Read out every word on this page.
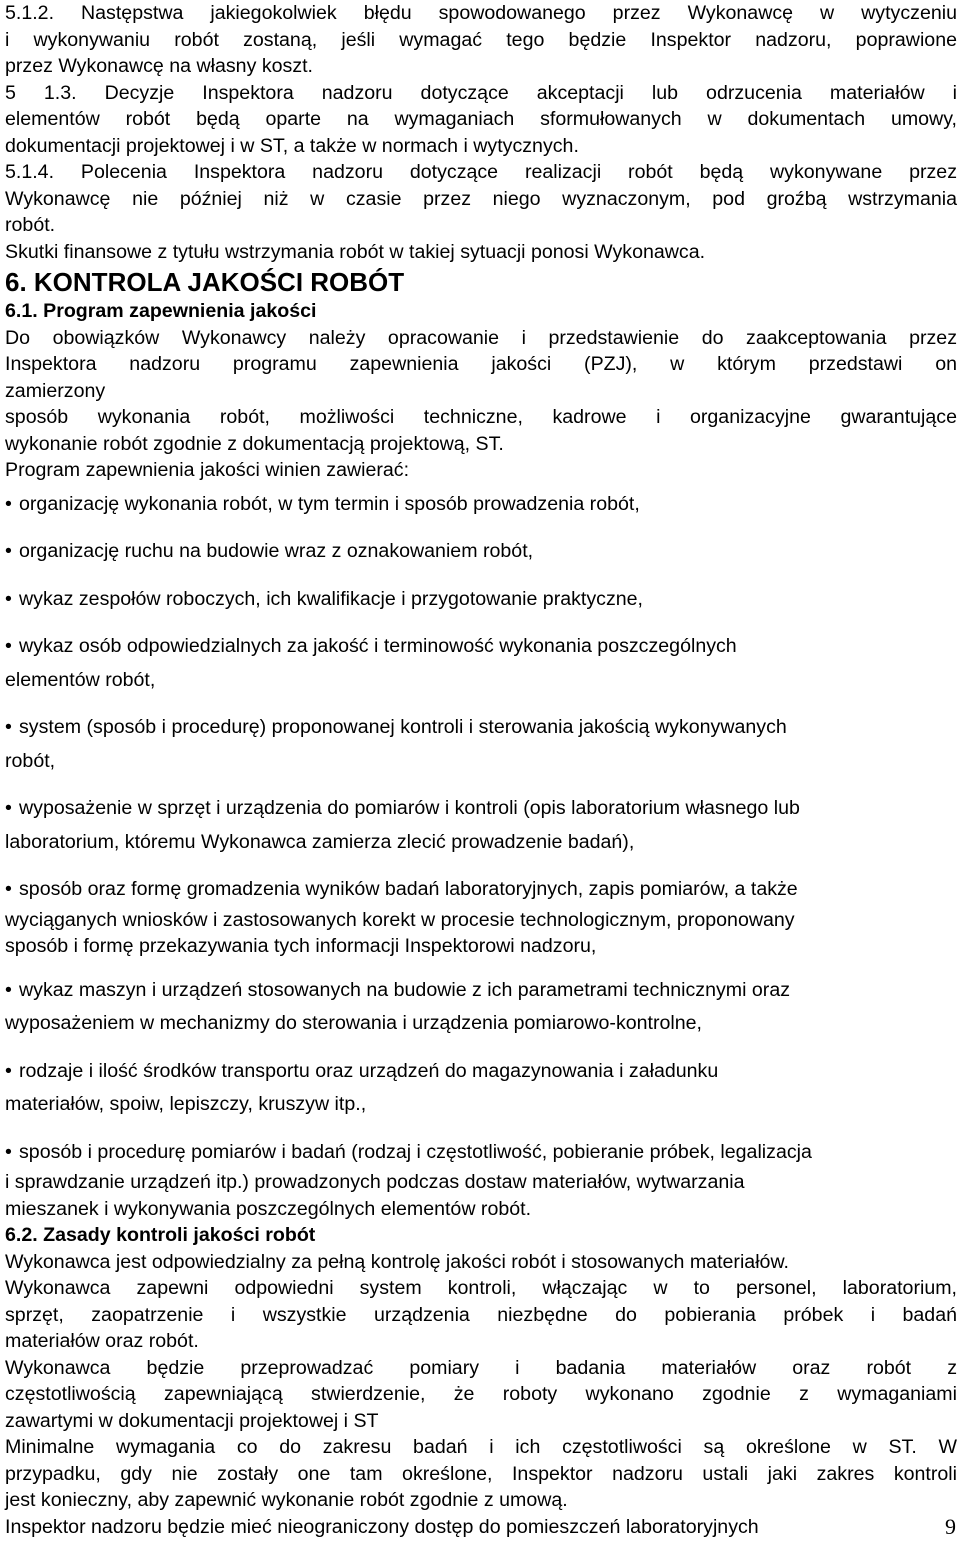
5.1.2. Następstwa jakiegokolwiek błędu spowodowanego przez Wykonawcę w wytyczeniu
i wykonywaniu robót zostaną, jeśli wymagać tego będzie Inspektor nadzoru, poprawione
przez Wykonawcę na własny koszt.
5 1.3. Decyzje Inspektora nadzoru dotyczące akceptacji lub odrzucenia materiałów i
elementów robót będą oparte na wymaganiach sformułowanych w dokumentach umowy,
dokumentacji projektowej i w ST, a także w normach i wytycznych.
5.1.4. Polecenia Inspektora nadzoru dotyczące realizacji robót będą wykonywane przez
Wykonawcę nie później niż w czasie przez niego wyznaczonym, pod groźbą wstrzymania
robót.
Skutki finansowe z tytułu wstrzymania robót w takiej sytuacji ponosi Wykonawca.
6. KONTROLA JAKOŚCI ROBÓT
6.1. Program zapewnienia jakości
Do obowiązków Wykonawcy należy opracowanie i przedstawienie do zaakceptowania przez
Inspektora nadzoru programu zapewnienia jakości (PZJ), w którym przedstawi on
zamierzony
sposób wykonania robót, możliwości techniczne, kadrowe i organizacyjne gwarantujące
wykonanie robót zgodnie z dokumentacją projektową, ST.
Program zapewnienia jakości winien zawierać:
• organizację wykonania robót, w tym termin i sposób prowadzenia robót,
• organizację ruchu na budowie wraz z oznakowaniem robót,
• wykaz zespołów roboczych, ich kwalifikacje i przygotowanie praktyczne,
• wykaz osób odpowiedzialnych za jakość i terminowość wykonania poszczególnych
elementów robót,
• system (sposób i procedurę) proponowanej kontroli i sterowania jakością wykonywanych
robót,
• wyposażenie w sprzęt i urządzenia do pomiarów i kontroli (opis laboratorium własnego lub
laboratorium, któremu Wykonawca zamierza zlecić prowadzenie badań),
• sposób oraz formę gromadzenia wyników badań laboratoryjnych, zapis pomiarów, a także
wyciąganych wniosków i zastosowanych korekt w procesie technologicznym, proponowany
sposób i formę przekazywania tych informacji Inspektorowi nadzoru,
• wykaz maszyn i urządzeń stosowanych na budowie z ich parametrami technicznymi oraz
wyposażeniem w mechanizmy do sterowania i urządzenia pomiarowo-kontrolne,
• rodzaje i ilość środków transportu oraz urządzeń do magazynowania i załadunku
materiałów, spoiw, lepiszczy, kruszyw itp.,
• sposób i procedurę pomiarów i badań (rodzaj i częstotliwość, pobieranie próbek, legalizacja
i sprawdzanie urządzeń itp.) prowadzonych podczas dostaw materiałów, wytwarzania
mieszanek i wykonywania poszczególnych elementów robót.
6.2. Zasady kontroli jakości robót
Wykonawca jest odpowiedzialny za pełną kontrolę jakości robót i stosowanych materiałów.
Wykonawca zapewni odpowiedni system kontroli, włączając w to personel, laboratorium,
sprzęt, zaopatrzenie i wszystkie urządzenia niezbędne do pobierania próbek i badań
materiałów oraz robót.
Wykonawca będzie przeprowadzać pomiary i badania materiałów oraz robót z
częstotliwością zapewniającą stwierdzenie, że roboty wykonano zgodnie z wymaganiami
zawartymi w dokumentacji projektowej i ST
Minimalne wymagania co do zakresu badań i ich częstotliwości są określone w ST. W
przypadku, gdy nie zostały one tam określone, Inspektor nadzoru ustali jaki zakres kontroli
jest konieczny, aby zapewnić wykonanie robót zgodnie z umową.
Inspektor nadzoru będzie mieć nieograniczony dostęp do pomieszczeń laboratoryjnych	9
